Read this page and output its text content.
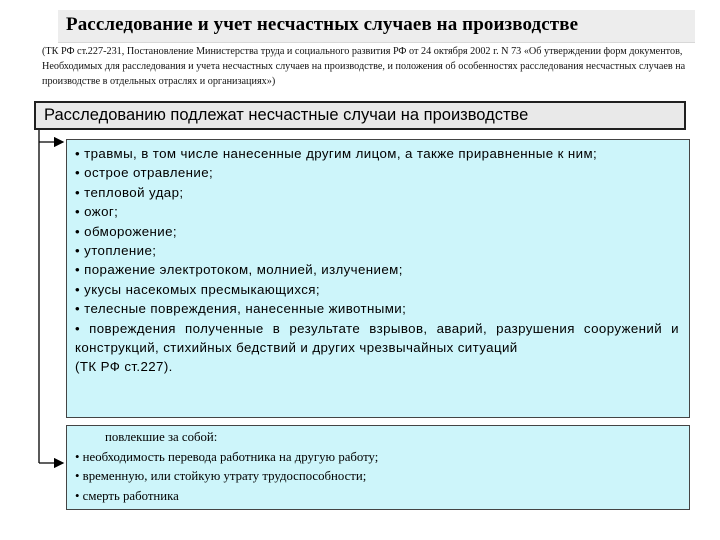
Расследование и учет несчастных случаев на производстве
(ТК РФ ст.227-231, Постановление Министерства труда и социального развития РФ от 24 октября 2002 г. N 73 «Об утверждении форм документов, Необходимых для расследования и учета несчастных случаев на производстве, и положения об особенностях расследования несчастных случаев на производстве в отдельных отраслях и организациях»)
Расследованию подлежат несчастные случаи на производстве
• травмы, в том числе нанесенные другим лицом, а также приравненные к ним;
• острое отравление;
• тепловой удар;
• ожог;
• обморожение;
• утопление;
• поражение электротоком, молнией, излучением;
• укусы насекомых пресмыкающихся;
• телесные повреждения, нанесенные животными;
• повреждения полученные в результате взрывов, аварий, разрушения сооружений и конструкций, стихийных бедствий и других чрезвычайных ситуаций
(ТК РФ ст.227).
повлекшие за собой:
• необходимость перевода работника на другую работу;
• временную, или стойкую утрату трудоспособности;
• смерть работника
